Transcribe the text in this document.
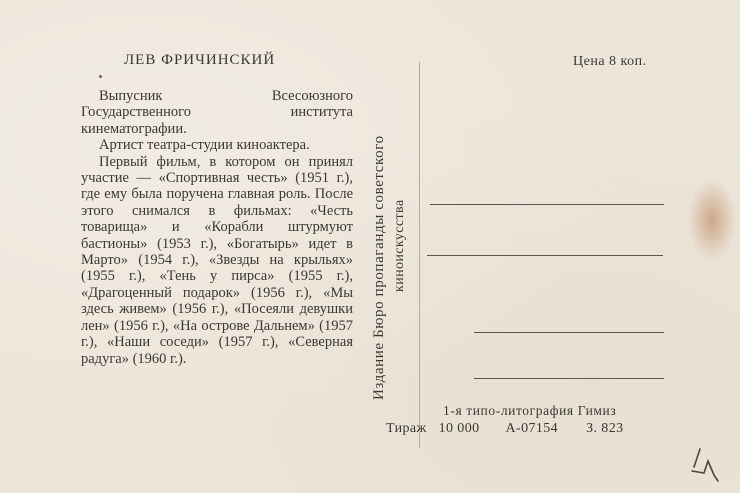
ЛЕВ ФРИЧИНСКИЙ

Выпусник Всесоюзного Государственного института кинематографии.

Артист театра-студии киноактера.

Первый фильм, в котором он принял участие — «Спортивная честь» (1951 г.), где ему была поручена главная роль. После этого снимался в фильмах: «Честь товарища» и «Корабли штурмуют бастионы» (1953 г.), «Богатырь» идет в Марто» (1954 г.), «Звезды на крыльях» (1955 г.), «Тень у пирса» (1955 г.), «Драгоценный подарок» (1956 г.), «Мы здесь живем» (1956 г.), «Посеяли девушки лен» (1956 г.), «На острове Дальнем» (1957 г.), «Наши соседи» (1957 г.), «Северная радуга» (1960 г.).

Цена 8 коп.
Издание Бюро пропаганды советского киноискусства
1-я типо-литография Гимиз
Тираж 10 000 А-07154 З. 823
